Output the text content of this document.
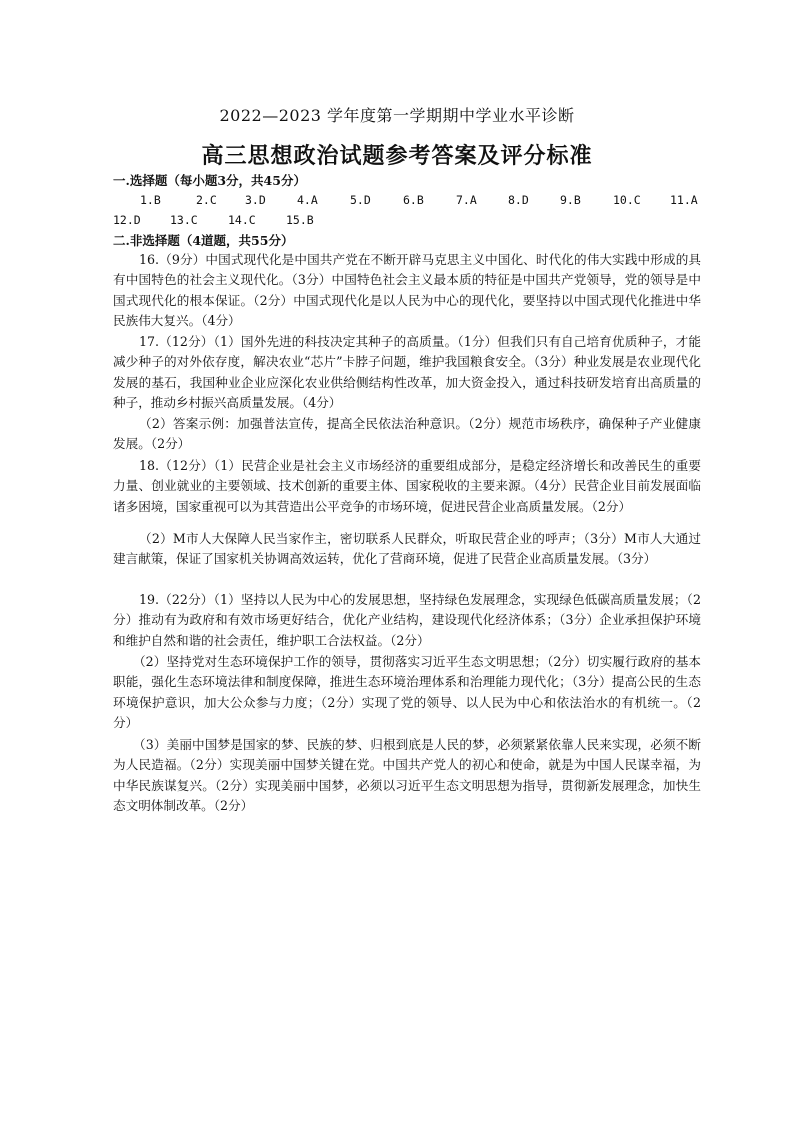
2022—2023 学年度第一学期期中学业水平诊断
高三思想政治试题参考答案及评分标准
一.选择题（每小题3分，共45分）
1.B	2.C 3.D	4.A	5.D	6.B	7.A	8.D	9.B	10.C	11.A
12.D	13.C	14.C	15.B
二.非选择题（4道题，共55分）

16.（9分）中国式现代化是中国共产党在不断开辟马克思主义中国化、时代化的伟大实践中形成的具有中国特色的社会主义现代化。（3分）中国特色社会主义最本质的特征是中国共产党领导，党的领导是中国式现代化的根本保证。（2分）中国式现代化是以人民为中心的现代化，要坚持以中国式现代化推进中华民族伟大复兴。（4分）

17.（12分）（1）国外先进的科技决定其种子的高质量。（1分）但我们只有自己培育优质种子，才能减少种子的对外依存度，解决农业“芯片”卡脖子问题，维护我国粮食安全。（3分）种业发展是农业现代化发展的基石，我国种业企业应深化农业供给侧结构性改革，加大资金投入，通过科技研发培育出高质量的种子，推动乡村振兴高质量发展。（4分）

（2）答案示例：加强普法宣传，提高全民依法治种意识。（2分）规范市场秩序，确保种子产业健康发展。（2分）

18.（12分）（1）民营企业是社会主义市场经济的重要组成部分，是稳定经济增长和改善民生的重要力量、创业就业的主要领域、技术创新的重要主体、国家税收的主要来源。（4分）民营企业目前发展面临诸多困境，国家重视可以为其营造出公平竞争的市场环境，促进民营企业高质量发展。（2分）

（2）M市人大保障人民当家作主，密切联系人民群众，听取民营企业的呼声；（3分）M市人大通过建言献策，保证了国家机关协调高效运转，优化了营商环境，促进了民营企业高质量发展。（3分）

19.（22分）（1）坚持以人民为中心的发展思想，坚持绿色发展理念，实现绿色低碳高质量发展；（2分）推动有为政府和有效市场更好结合，优化产业结构，建设现代化经济体系；（3分）企业承担保护环境和维护自然和谐的社会责任，维护职工合法权益。（2分）

（2）坚持党对生态环境保护工作的领导，贯彻落实习近平生态文明思想；（2分）切实履行政府的基本职能，强化生态环境法律和制度保障，推进生态环境治理体系和治理能力现代化；（3分）提高公民的生态环境保护意识，加大公众参与力度；（2分）实现了党的领导、以人民为中心和依法治水的有机统一。（2分）

（3）美丽中国梦是国家的梦、民族的梦、归根到底是人民的梦，必须紧紧依靠人民来实现，必须不断为人民造福。（2分）实现美丽中国梦关键在党。中国共产党人的初心和使命，就是为中国人民谋幸福，为中华民族谋复兴。（2分）实现美丽中国梦，必须以习近平生态文明思想为指导，贯彻新发展理念，加快生态文明体制改革。（2分）
